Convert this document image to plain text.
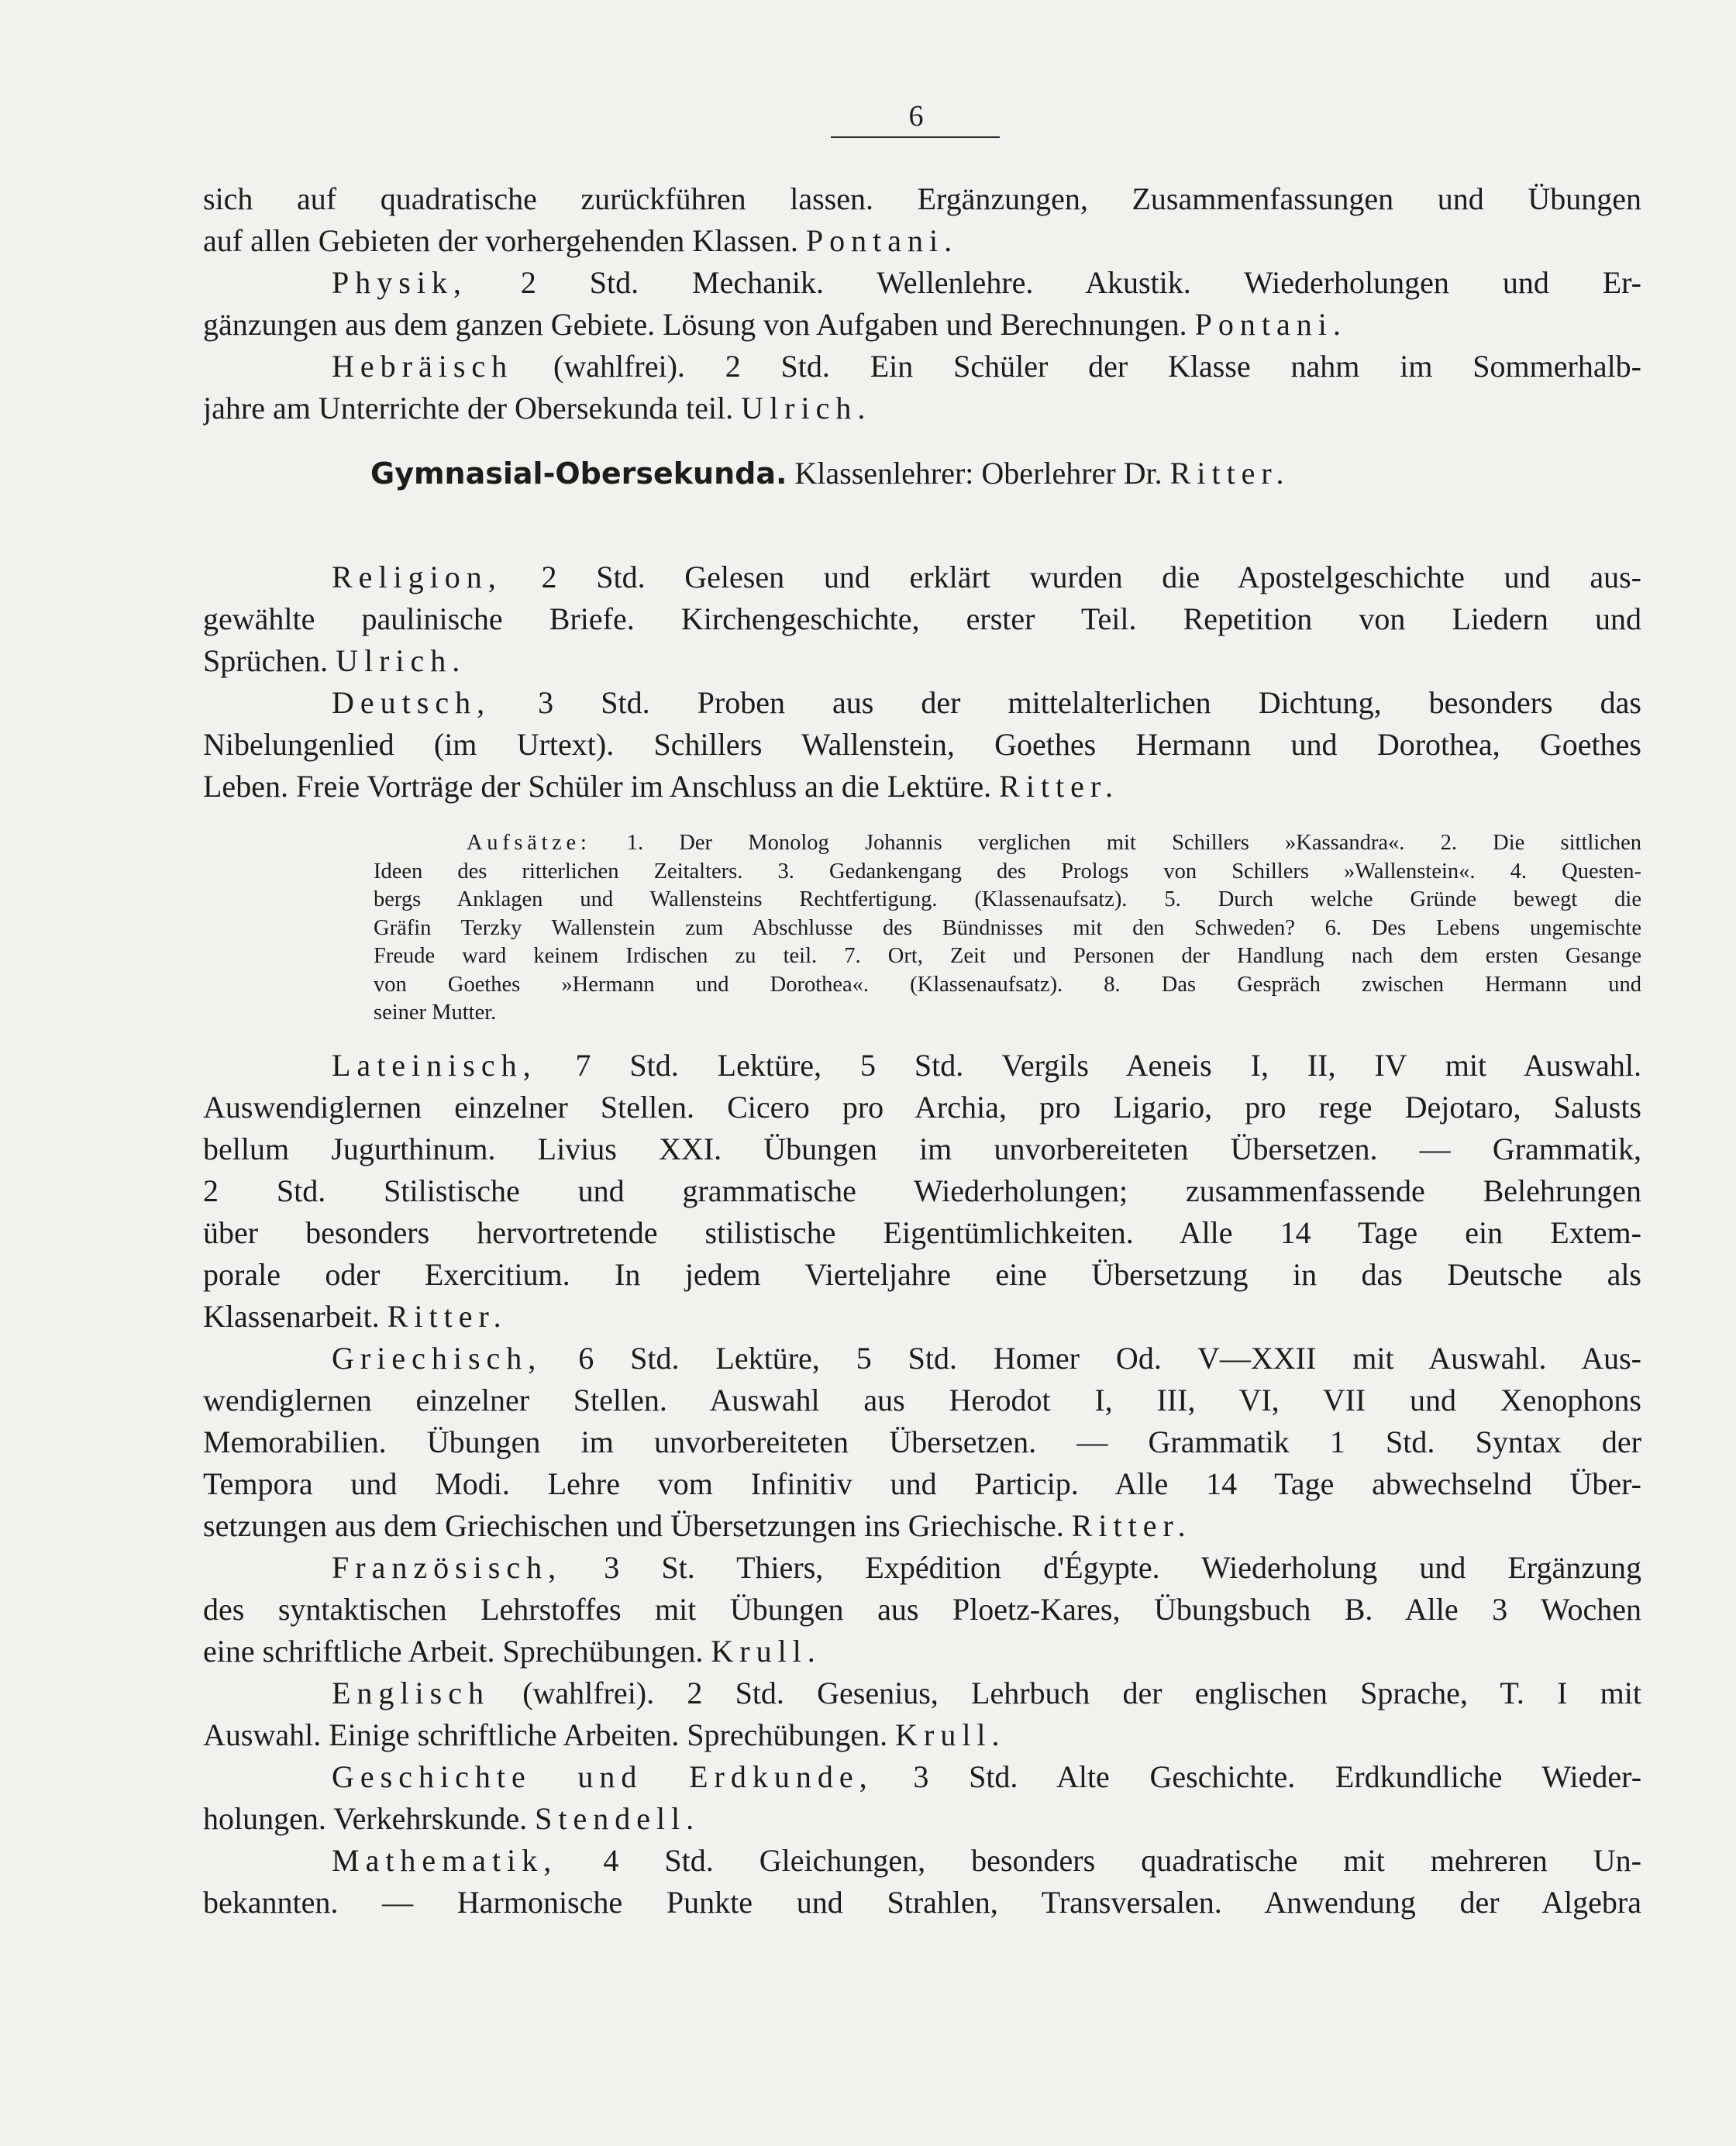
6
sich auf quadratische zurückführen lassen. Ergänzungen, Zusammenfassungen und Übungen
auf allen Gebieten der vorhergehenden Klassen. Pontani.
Physik, 2 Std. Mechanik. Wellenlehre. Akustik. Wiederholungen und Er-
gänzungen aus dem ganzen Gebiete. Lösung von Aufgaben und Berechnungen. Pontani.
Hebräisch (wahlfrei). 2 Std. Ein Schüler der Klasse nahm im Sommerhalb-
jahre am Unterrichte der Obersekunda teil. Ulrich.
Gymnasial-Obersekunda. Klassenlehrer: Oberlehrer Dr. Ritter.
Religion, 2 Std. Gelesen und erklärt wurden die Apostelgeschichte und aus-
gewählte paulinische Briefe. Kirchengeschichte, erster Teil. Repetition von Liedern und
Sprüchen. Ulrich.
Deutsch, 3 Std. Proben aus der mittelalterlichen Dichtung, besonders das
Nibelungenlied (im Urtext). Schillers Wallenstein, Goethes Hermann und Dorothea, Goethes
Leben. Freie Vorträge der Schüler im Anschluss an die Lektüre. Ritter.
Aufsätze: 1. Der Monolog Johannis verglichen mit Schillers »Kassandra«. 2. Die sittlichen
Ideen des ritterlichen Zeitalters. 3. Gedankengang des Prologs von Schillers »Wallenstein«. 4. Questen-
bergs Anklagen und Wallensteins Rechtfertigung. (Klassenaufsatz). 5. Durch welche Gründe bewegt die
Gräfin Terzky Wallenstein zum Abschlusse des Bündnisses mit den Schweden? 6. Des Lebens ungemischte
Freude ward keinem Irdischen zu teil. 7. Ort, Zeit und Personen der Handlung nach dem ersten Gesange
von Goethes »Hermann und Dorothea«. (Klassenaufsatz). 8. Das Gespräch zwischen Hermann und
seiner Mutter.
Lateinisch, 7 Std. Lektüre, 5 Std. Vergils Aeneis I, II, IV mit Auswahl.
Auswendiglernen einzelner Stellen. Cicero pro Archia, pro Ligario, pro rege Dejotaro, Salusts
bellum Jugurthinum. Livius XXI. Übungen im unvorbereiteten Übersetzen. — Grammatik,
2 Std. Stilistische und grammatische Wiederholungen; zusammenfassende Belehrungen
über besonders hervortretende stilistische Eigentümlichkeiten. Alle 14 Tage ein Extem-
porale oder Exercitium. In jedem Vierteljahre eine Übersetzung in das Deutsche als
Klassenarbeit. Ritter.
Griechisch, 6 Std. Lektüre, 5 Std. Homer Od. V—XXII mit Auswahl. Aus-
wendiglernen einzelner Stellen. Auswahl aus Herodot I, III, VI, VII und Xenophons
Memorabilien. Übungen im unvorbereiteten Übersetzen. — Grammatik 1 Std. Syntax der
Tempora und Modi. Lehre vom Infinitiv und Particip. Alle 14 Tage abwechselnd Über-
setzungen aus dem Griechischen und Übersetzungen ins Griechische. Ritter.
Französisch, 3 St. Thiers, Expédition d'Égypte. Wiederholung und Ergänzung
des syntaktischen Lehrstoffes mit Übungen aus Ploetz-Kares, Übungsbuch B. Alle 3 Wochen
eine schriftliche Arbeit. Sprechübungen. Krull.
Englisch (wahlfrei). 2 Std. Gesenius, Lehrbuch der englischen Sprache, T. I mit
Auswahl. Einige schriftliche Arbeiten. Sprechübungen. Krull.
Geschichte und Erdkunde, 3 Std. Alte Geschichte. Erdkundliche Wieder-
holungen. Verkehrskunde. Stendell.
Mathematik, 4 Std. Gleichungen, besonders quadratische mit mehreren Un-
bekannten. — Harmonische Punkte und Strahlen, Transversalen. Anwendung der Algebra
